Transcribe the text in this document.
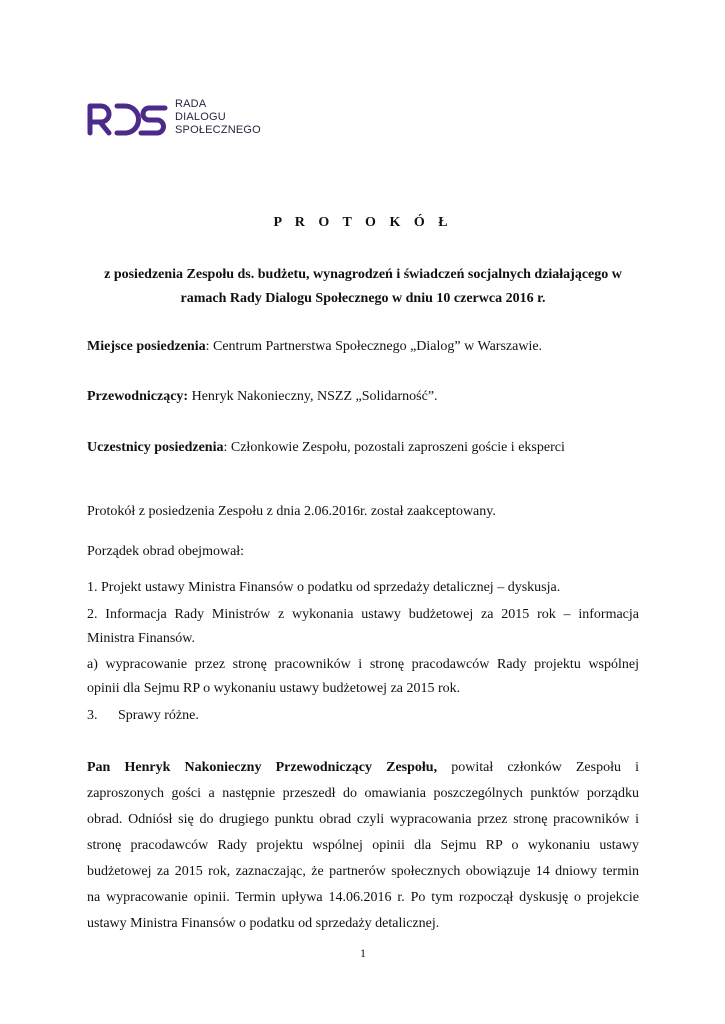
RADA
DIALOGU
SPOŁECZNEGO
P R O T O K Ó Ł
z posiedzenia Zespołu ds. budżetu, wynagrodzeń i świadczeń socjalnych działającego w
ramach Rady Dialogu Społecznego w dniu 10 czerwca 2016 r.
Miejsce posiedzenia: Centrum Partnerstwa Społecznego „Dialog” w Warszawie.
Przewodniczący: Henryk Nakonieczny, NSZZ „Solidarność”.
Uczestnicy posiedzenia: Członkowie Zespołu, pozostali zaproszeni goście i eksperci
Protokół z posiedzenia Zespołu z dnia 2.06.2016r. został zaakceptowany.
Porządek obrad obejmował:
1. Projekt ustawy Ministra Finansów o podatku od sprzedaży detalicznej – dyskusja.
2. Informacja Rady Ministrów z wykonania ustawy budżetowej za 2015 rok – informacja
Ministra Finansów.
a) wypracowanie przez stronę pracowników i stronę pracodawców Rady projektu wspólnej
opinii dla Sejmu RP o wykonaniu ustawy budżetowej za 2015 rok.
3. Sprawy różne.
Pan Henryk Nakonieczny Przewodniczący Zespołu, powitał członków Zespołu i
zaproszonych gości a następnie przeszedł do omawiania poszczególnych punktów porządku
obrad. Odniósł się do drugiego punktu obrad czyli wypracowania przez stronę pracowników i
stronę pracodawców Rady projektu wspólnej opinii dla Sejmu RP o wykonaniu ustawy
budżetowej za 2015 rok, zaznaczając, że partnerów społecznych obowiązuje 14 dniowy termin
na wypracowanie opinii. Termin upływa 14.06.2016 r. Po tym rozpoczął dyskusję o projekcie
ustawy Ministra Finansów o podatku od sprzedaży detalicznej.
1
